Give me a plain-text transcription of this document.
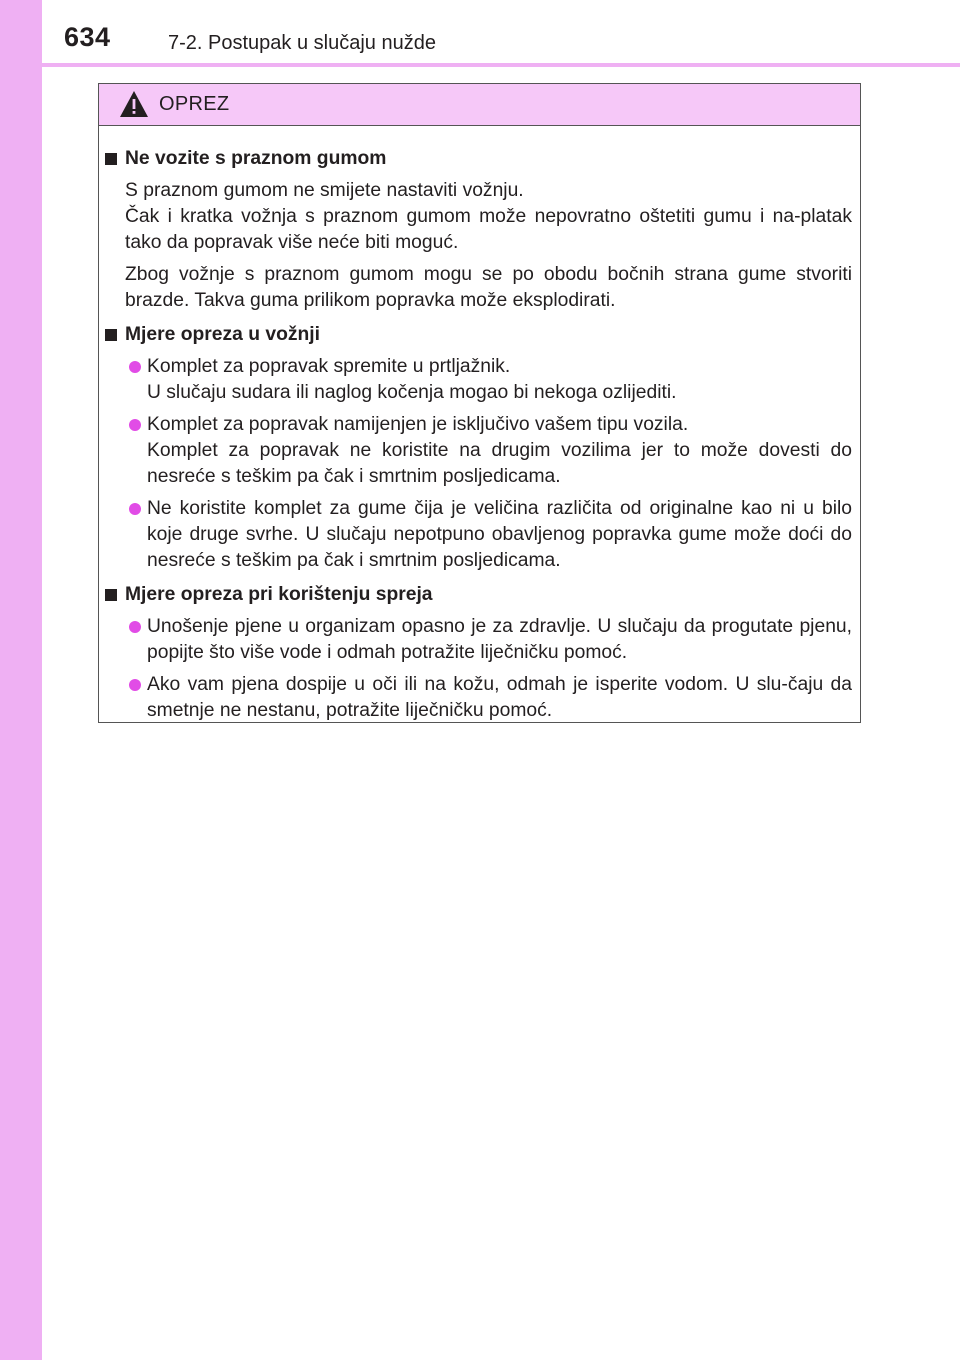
634	7-2. Postupak u slučaju nužde
OPREZ
Ne vozite s praznom gumom
S praznom gumom ne smijete nastaviti vožnju.
Čak i kratka vožnja s praznom gumom može nepovratno oštetiti gumu i na-platak tako da popravak više neće biti moguć.
Zbog vožnje s praznom gumom mogu se po obodu bočnih strana gume stvoriti brazde. Takva guma prilikom popravka može eksplodirati.
Mjere opreza u vožnji
Komplet za popravak spremite u prtljažnik.
U slučaju sudara ili naglog kočenja mogao bi nekoga ozlijediti.
Komplet za popravak namijenjen je isključivo vašem tipu vozila.
Komplet za popravak ne koristite na drugim vozilima jer to može dovesti do nesreće s teškim pa čak i smrtnim posljedicama.
Ne koristite komplet za gume čija je veličina različita od originalne kao ni u bilo koje druge svrhe. U slučaju nepotpuno obavljenog popravka gume može doći do nesreće s teškim pa čak i smrtnim posljedicama.
Mjere opreza pri korištenju spreja
Unošenje pjene u organizam opasno je za zdravlje. U slučaju da progutate pjenu, popijte što više vode i odmah potražite liječničku pomoć.
Ako vam pjena dospije u oči ili na kožu, odmah je isperite vodom. U slu-čaju da smetnje ne nestanu, potražite liječničku pomoć.
